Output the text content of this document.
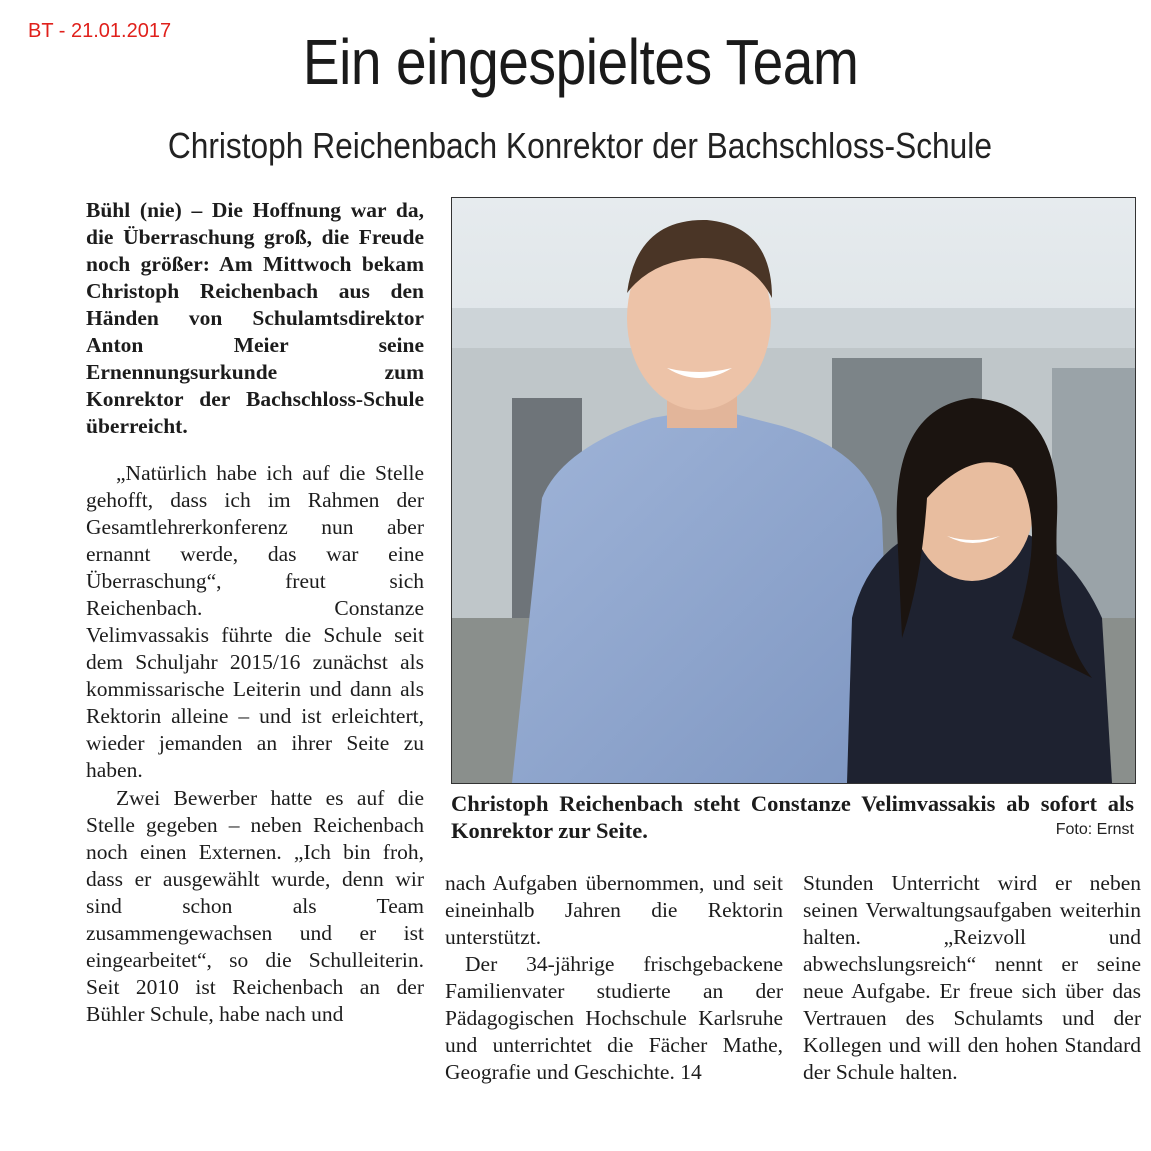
BT - 21.01.2017	Ein eingespieltes Team
Christoph Reichenbach Konrektor der Bachschloss-Schule

Bühl (nie) – Die Hoffnung war da, die Überraschung groß, die Freude noch größer: Am Mittwoch bekam Christoph Reichenbach aus den Händen von Schulamtsdirektor Anton Meier seine Ernennungsurkunde zum Konrektor der Bachschloss-Schule überreicht.

„Natürlich habe ich auf die Stelle gehofft, dass ich im Rahmen der Gesamtlehrerkonferenz nun aber ernannt werde, das war eine Überraschung“, freut sich Reichenbach. Constanze Velimvassakis führte die Schule seit dem Schuljahr 2015/16 zunächst als kommissarische Leiterin und dann als Rektorin alleine – und ist erleichtert, wieder jemanden an ihrer Seite zu haben.

Zwei Bewerber hatte es auf die Stelle gegeben – neben Reichenbach noch einen Externen. „Ich bin froh, dass er ausgewählt wurde, denn wir sind schon als Team zusammengewachsen und er ist eingearbeitet“, so die Schulleiterin. Seit 2010 ist Reichenbach an der Bühler Schule, habe nach und

Christoph Reichenbach steht Constanze Velimvassakis ab sofort als Konrektor zur Seite.	Foto: Ernst

nach Aufgaben übernommen, und seit eineinhalb Jahren die Rektorin unterstützt.

Der 34-jährige frischgebackene Familienvater studierte an der Pädagogischen Hochschule Karlsruhe und unterrichtet die Fächer Mathe, Geografie und Geschichte. 14

Stunden Unterricht wird er neben seinen Verwaltungsaufgaben weiterhin halten. „Reizvoll und abwechslungsreich“ nennt er seine neue Aufgabe. Er freue sich über das Vertrauen des Schulamts und der Kollegen und will den hohen Standard der Schule halten.
